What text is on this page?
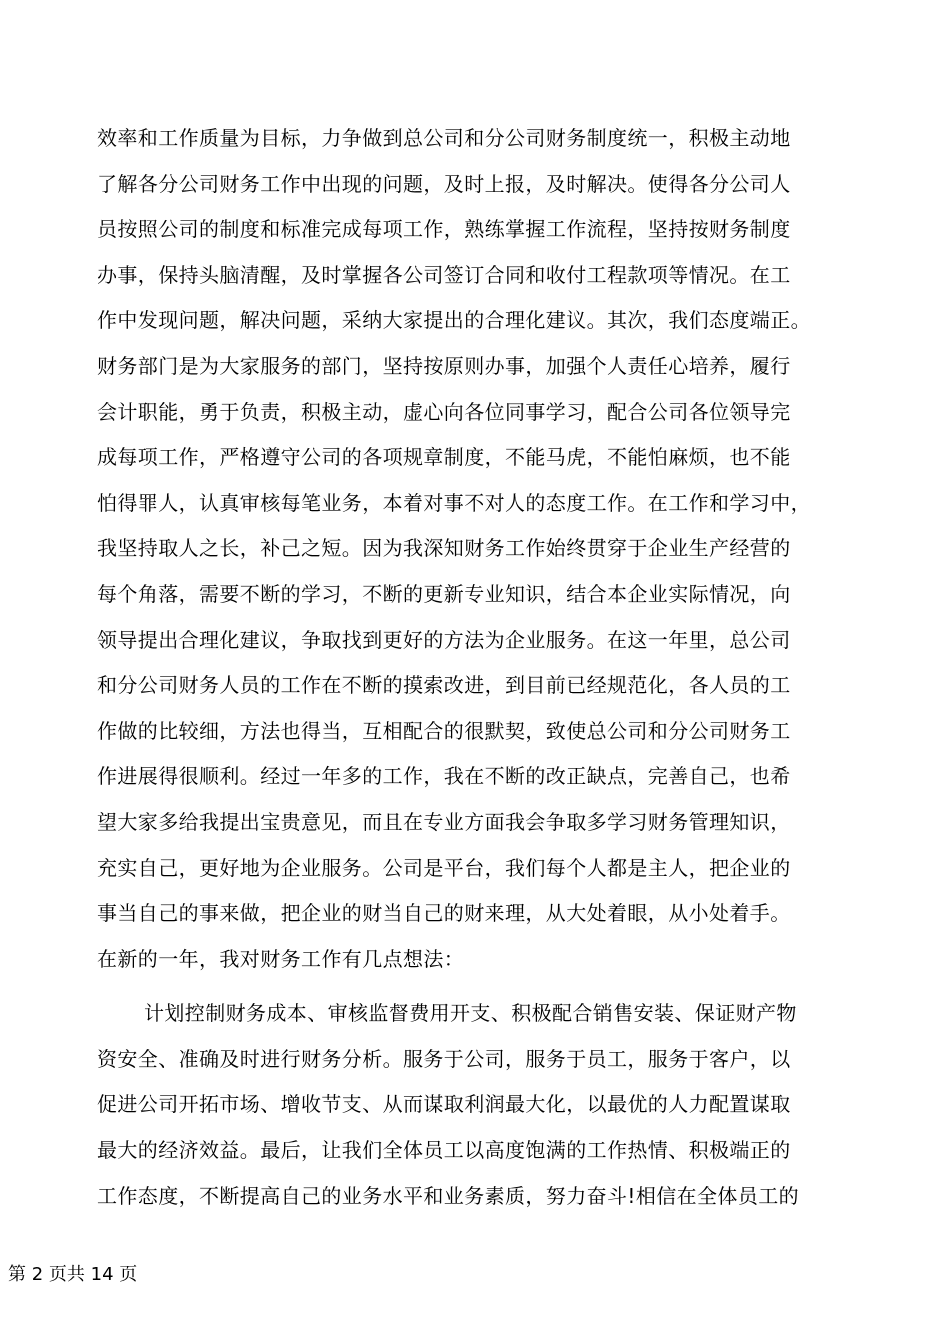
效率和工作质量为目标，力争做到总公司和分公司财务制度统一，积极主动地
了解各分公司财务工作中出现的问题，及时上报，及时解决。使得各分公司人
员按照公司的制度和标准完成每项工作，熟练掌握工作流程，坚持按财务制度
办事，保持头脑清醒，及时掌握各公司签订合同和收付工程款项等情况。在工
作中发现问题，解决问题，采纳大家提出的合理化建议。其次，我们态度端正。
财务部门是为大家服务的部门，坚持按原则办事，加强个人责任心培养，履行
会计职能，勇于负责，积极主动，虚心向各位同事学习，配合公司各位领导完
成每项工作，严格遵守公司的各项规章制度，不能马虎，不能怕麻烦，也不能
怕得罪人，认真审核每笔业务，本着对事不对人的态度工作。在工作和学习中，
我坚持取人之长，补己之短。因为我深知财务工作始终贯穿于企业生产经营的
每个角落，需要不断的学习，不断的更新专业知识，结合本企业实际情况，向
领导提出合理化建议，争取找到更好的方法为企业服务。在这一年里，总公司
和分公司财务人员的工作在不断的摸索改进，到目前已经规范化，各人员的工
作做的比较细，方法也得当，互相配合的很默契，致使总公司和分公司财务工
作进展得很顺利。经过一年多的工作，我在不断的改正缺点，完善自己，也希
望大家多给我提出宝贵意见，而且在专业方面我会争取多学习财务管理知识，
充实自己，更好地为企业服务。公司是平台，我们每个人都是主人，把企业的
事当自己的事来做，把企业的财当自己的财来理，从大处着眼，从小处着手。
在新的一年，我对财务工作有几点想法：
计划控制财务成本、审核监督费用开支、积极配合销售安装、保证财产物
资安全、准确及时进行财务分析。服务于公司，服务于员工，服务于客户，以
促进公司开拓市场、增收节支、从而谋取利润最大化，以最优的人力配置谋取
最大的经济效益。最后，让我们全体员工以高度饱满的工作热情、积极端正的
工作态度，不断提高自己的业务水平和业务素质，努力奋斗!相信在全体员工的
第 2 页共 14 页
